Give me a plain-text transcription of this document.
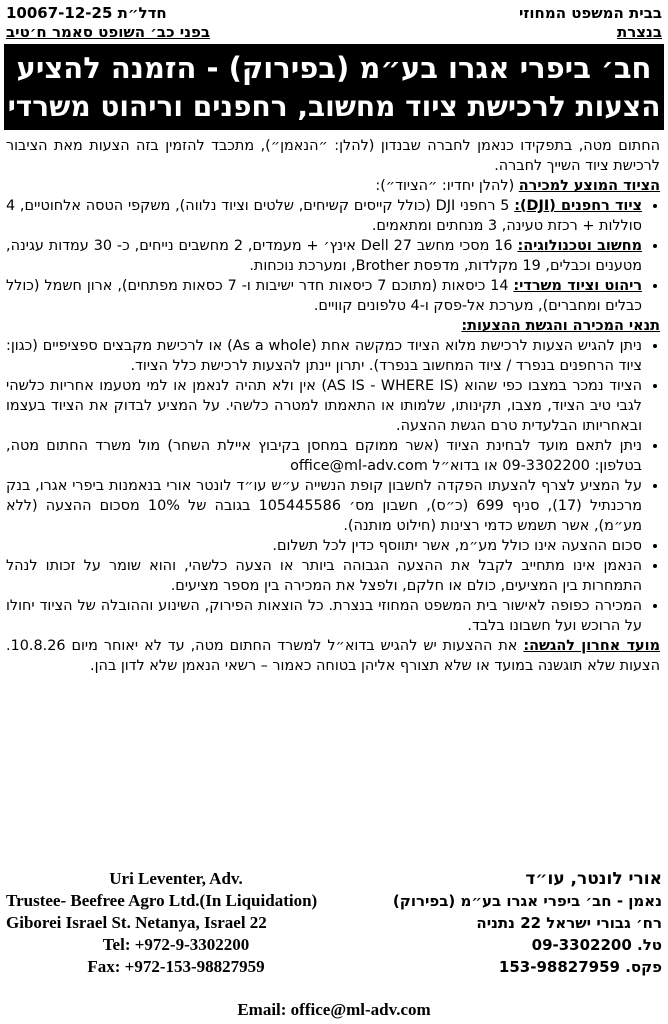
בבית המשפט המחוזי
חדל״ת 10067-12-25
בנצרת
בפני כב׳ השופט סאמר ח׳טיב
חב׳ ביפרי אגרו בע״מ (בפירוק) - הזמנה להציע
הצעות לרכישת ציוד מחשוב, רחפנים וריהוט משרדי

החתום מטה, בתפקידו כנאמן לחברה שבנדון (להלן: ״הנאמן״), מתכבד להזמין בזה הצעות מאת הציבור לרכישת ציוד השייך לחברה.

הציוד המוצע למכירה (להלן יחדיו: ״הציוד״):

• ציוד רחפנים (DJI): 5 רחפני DJI (כולל קייסים קשיחים, שלטים וציוד נלווה), משקפי הטסה אלחוטיים, 4 סוללות + רכזת טעינה, 3 מנחתים ומתאמים.
• מחשוב וטכנולוגיה: 16 מסכי מחשב Dell 27 אינץ׳ + מעמדים, 2 מחשבים נייחים, כ- 30 עמדות עגינה, מטענים וכבלים, 19 מקלדות, מדפסת Brother, ומערכת נוכחות.
• ריהוט וציוד משרדי: 14 כיסאות (מתוכם 7 כיסאות חדר ישיבות ו- 7 כסאות מפתחים), ארון חשמל (כולל כבלים ומחברים), מערכת אל-פסק ו-4 טלפונים קוויים.

תנאי המכירה והגשת ההצעות:

• ניתן להגיש הצעות לרכישת מלוא הציוד כמקשה אחת (As a whole) או לרכישת מקבצים ספציפיים (כגון: ציוד הרחפנים בנפרד / ציוד המחשוב בנפרד). יתרון יינתן להצעות לרכישת כלל הציוד.
• הציוד נמכר במצבו כפי שהוא (AS IS - WHERE IS) אין ולא תהיה לנאמן או למי מטעמו אחריות כלשהי לגבי טיב הציוד, מצבו, תקינותו, שלמותו או התאמתו למטרה כלשהי. על המציע לבדוק את הציוד בעצמו ובאחריותו הבלעדית טרם הגשת ההצעה.
• ניתן לתאם מועד לבחינת הציוד (אשר ממוקם במחסן בקיבוץ איילת השחר) מול משרד החתום מטה, בטלפון: 09-3302200 או בדוא״ל office@ml-adv.com
• על המציע לצרף להצעתו הפקדה לחשבון קופת הנשייה ע״ש עו״ד לונטר אורי בנאמנות ביפרי אגרו, בנק מרכנתיל (17), סניף 699 (כ״ס), חשבון מס׳ 105445586 בגובה של 10% מסכום ההצעה (ללא מע״מ), אשר תשמש כדמי רצינות (חילוט מותנה).
• סכום ההצעה אינו כולל מע״מ, אשר יתווסף כדין לכל תשלום.
• הנאמן אינו מתחייב לקבל את ההצעה הגבוהה ביותר או הצעה כלשהי, והוא שומר על זכותו לנהל התמחרות בין המציעים, כולם או חלקם, ולפצל את המכירה בין מספר מציעים.
• המכירה כפופה לאישור בית המשפט המחוזי בנצרת. כל הוצאות הפירוק, השינוע וההובלה של הציוד יחולו על הרוכש ועל חשבונו בלבד.

מועד אחרון להגשה: את ההצעות יש להגיש בדוא״ל למשרד החתום מטה, עד לא יאוחר מיום 10.8.26. הצעות שלא תוגשנה במועד או שלא תצורף אליהן בטוחה כאמור – רשאי הנאמן שלא לדון בהן.

אורי לונטר, עו״ד
נאמן - חב׳ ביפרי אגרו בע״מ (בפירוק)
רח׳ גבורי ישראל 22 נתניה
טל. 09-3302200
פקס. 153-98827959
Uri Leventer, Adv.
Trustee- Beefree Agro Ltd.(In Liquidation)
Giborei Israel St. Netanya, Israel 22
Tel: +972-9-3302200
Fax: +972-153-98827959
Email: office@ml-adv.com
